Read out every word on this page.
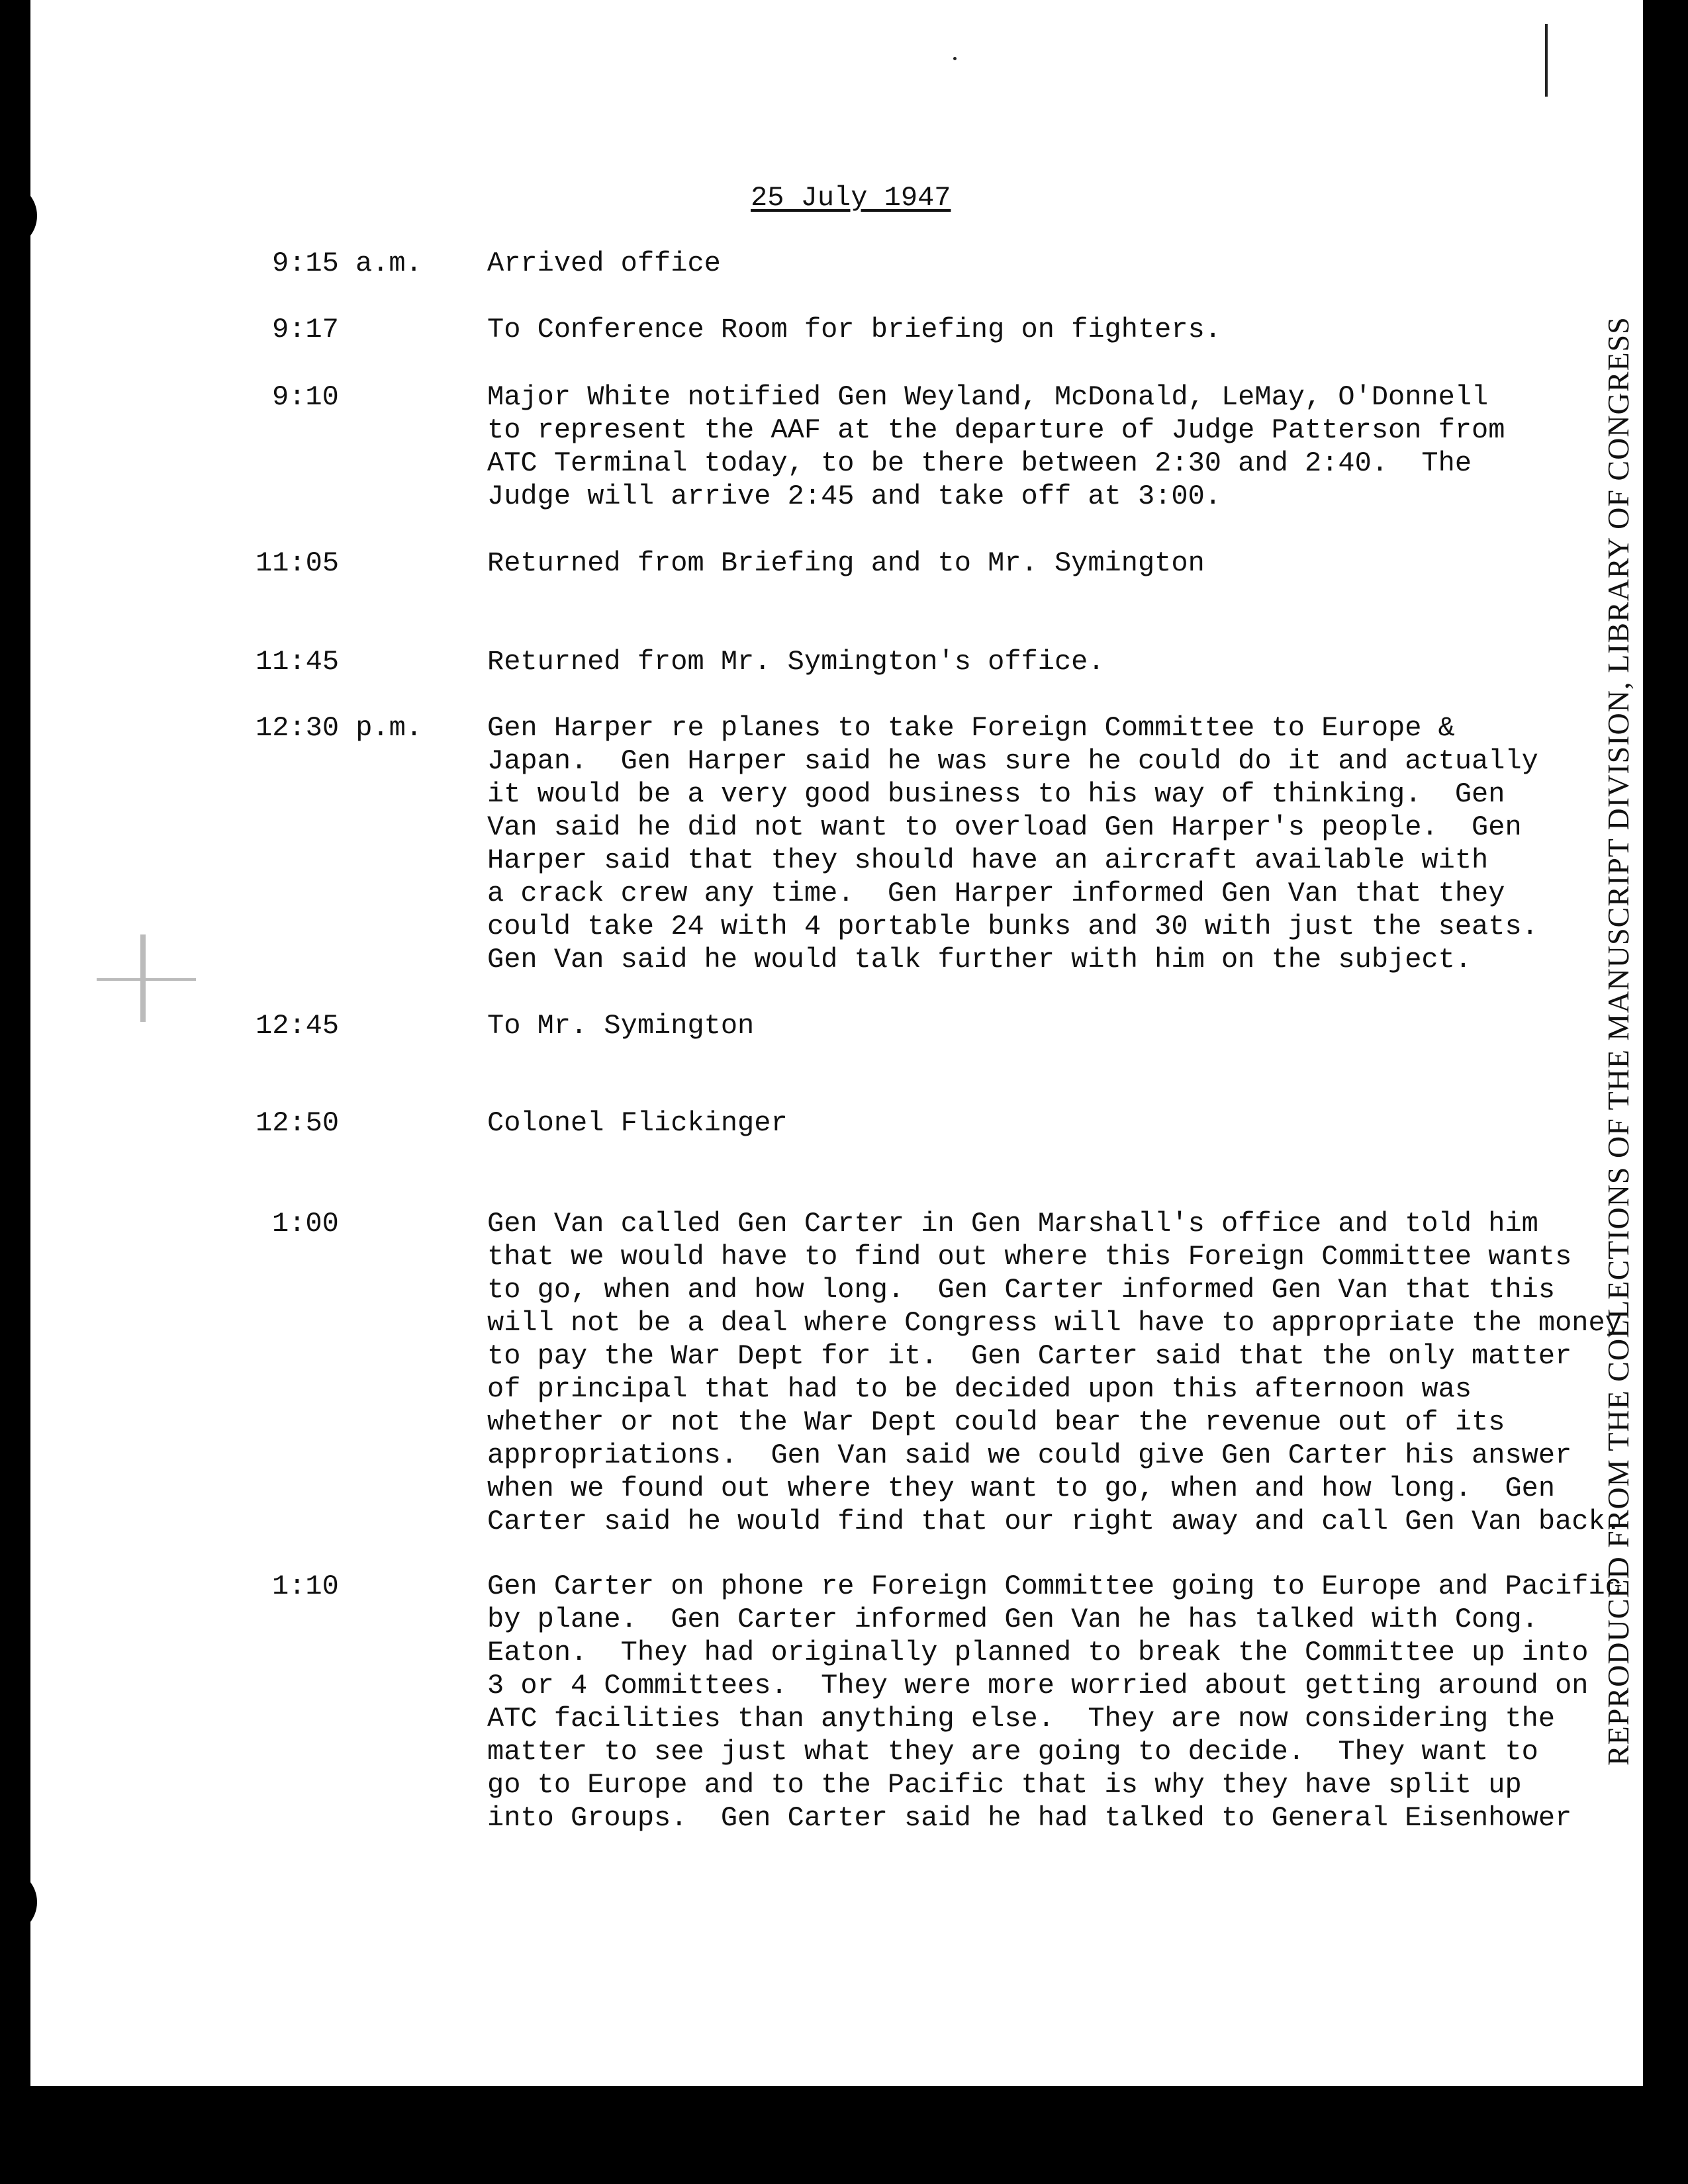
25 July 1947
9:15 a.m. Arrived office
9:17	To Conference Room for briefing on fighters.
9:10	Major White notified Gen Weyland, McDonald, LeMay, O'Donnell
to represent the AAF at the departure of Judge Patterson from
ATC Terminal today, to be there between 2:30 and 2:40.  The
Judge will arrive 2:45 and take off at 3:00.
11:05	Returned from Briefing and to Mr. Symington
11:45	Returned from Mr. Symington's office.
12:30 p.m. Gen Harper re planes to take Foreign Committee to Europe &
Japan.  Gen Harper said he was sure he could do it and actually
it would be a very good business to his way of thinking.  Gen
Van said he did not want to overload Gen Harper's people.  Gen
Harper said that they should have an aircraft available with
a crack crew any time.  Gen Harper informed Gen Van that they
could take 24 with 4 portable bunks and 30 with just the seats.
Gen Van said he would talk further with him on the subject.
12:45	To Mr. Symington
12:50	Colonel Flickinger
1:00	Gen Van called Gen Carter in Gen Marshall's office and told him
that we would have to find out where this Foreign Committee wants
to go, when and how long.  Gen Carter informed Gen Van that this
will not be a deal where Congress will have to appropriate the money
to pay the War Dept for it.  Gen Carter said that the only matter
of principal that had to be decided upon this afternoon was
whether or not the War Dept could bear the revenue out of its
appropriations.  Gen Van said we could give Gen Carter his answer
when we found out where they want to go, when and how long.  Gen
Carter said he would find that our right away and call Gen Van back.
1:10	Gen Carter on phone re Foreign Committee going to Europe and Pacific
by plane.  Gen Carter informed Gen Van he has talked with Cong.
Eaton.  They had originally planned to break the Committee up into
3 or 4 Committees.  They were more worried about getting around on
ATC facilities than anything else.  They are now considering the
matter to see just what they are going to decide.  They want to
go to Europe and to the Pacific that is why they have split up
into Groups.  Gen Carter said he had talked to General Eisenhower
REPRODUCED FROM THE COLLECTIONS OF THE MANUSCRIPT DIVISION, LIBRARY OF CONGRESS
